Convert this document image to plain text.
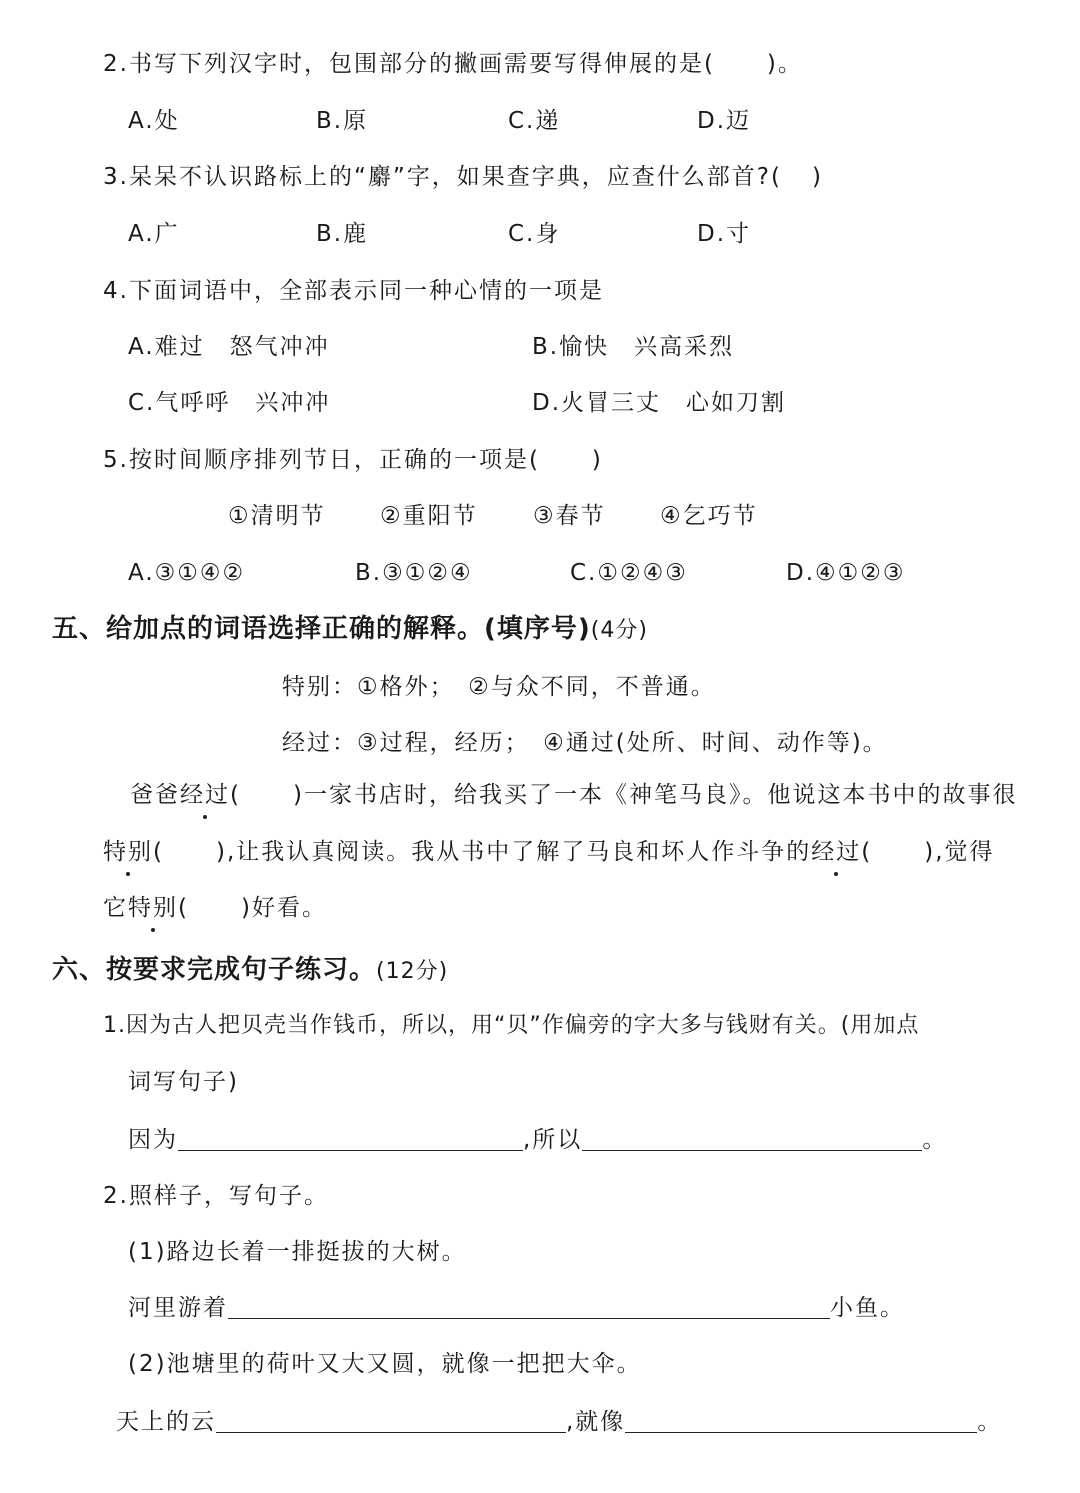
2.书写下列汉字时，包围部分的撇画需要写得伸展的是( )。
A.处	B.原	C.递	D.迈
3.呆呆不认识路标上的“麝”字，如果查字典，应查什么部首?( )
A.广	B.鹿	C.身	D.寸
4.下面词语中，全部表示同一种心情的一项是
A.难过　怒气冲冲	B.愉快　兴高采烈
C.气呼呼　兴冲冲	D.火冒三丈　心如刀割
5.按时间顺序排列节日，正确的一项是( )
①清明节 ②重阳节 ③春节 ④乞巧节
A.③①④②	B.③①②④	C.①②④③	D.④①②③
五、给加点的词语选择正确的解释。(填序号)(4分)
特别：①格外；　②与众不同，不普通。
经过：③过程，经历；　④通过(处所、时间、动作等)。
爸爸经过( )一家书店时，给我买了一本《神笔马良》。他说这本书中的故事很
特别( ),让我认真阅读。我从书中了解了马良和坏人作斗争的经过( ),觉得
它特别( )好看。
六、按要求完成句子练习。(12分)
1.因为古人把贝壳当作钱币，所以，用“贝”作偏旁的字大多与钱财有关。(用加点
词写句子)
因为	,所以	。
2.照样子，写句子。
(1)路边长着一排挺拔的大树。
河里游着	小鱼。
(2)池塘里的荷叶又大又圆，就像一把把大伞。
天上的云	,就像	。
